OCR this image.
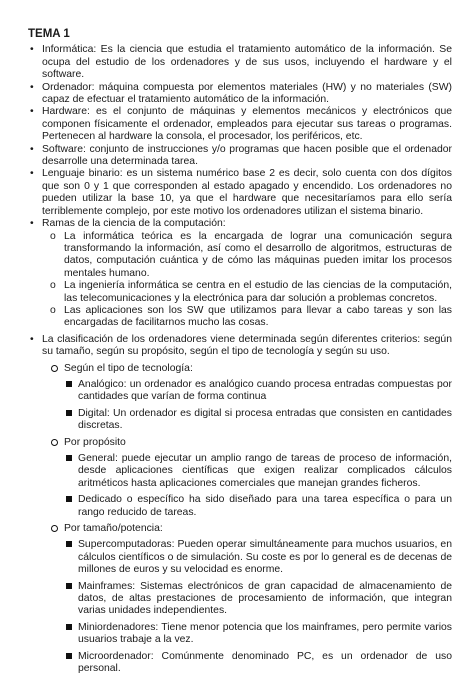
TEMA 1
• Informática: Es la ciencia que estudia el tratamiento automático de la información. Se ocupa del estudio de los ordenadores y de sus usos, incluyendo el hardware y el software.
• Ordenador: máquina compuesta por elementos materiales (HW) y no materiales (SW) capaz de efectuar el tratamiento automático de la información.
• Hardware: es el conjunto de máquinas y elementos mecánicos y electrónicos que componen físicamente el ordenador, empleados para ejecutar sus tareas o programas. Pertenecen al hardware la consola, el procesador, los periféricos, etc.
• Software: conjunto de instrucciones y/o programas que hacen posible que el ordenador desarrolle una determinada tarea.
• Lenguaje binario: es un sistema numérico base 2 es decir, solo cuenta con dos dígitos que son 0 y 1 que corresponden al estado apagado y encendido. Los ordenadores no pueden utilizar la base 10, ya que el hardware que necesitaríamos para ello sería terriblemente complejo, por este motivo los ordenadores utilizan el sistema binario.
• Ramas de la ciencia de la computación:
o La informática teórica es la encargada de lograr una comunicación segura transformando la información, así como el desarrollo de algoritmos, estructuras de datos, computación cuántica y de cómo las máquinas pueden imitar los procesos mentales humano.
o La ingeniería informática se centra en el estudio de las ciencias de la computación, las telecomunicaciones y la electrónica para dar solución a problemas concretos.
o Las aplicaciones son los SW que utilizamos para llevar a cabo tareas y son las encargadas de facilitarnos mucho las cosas.
• La clasificación de los ordenadores viene determinada según diferentes criterios: según su tamaño, según su propósito, según el tipo de tecnología y según su uso.
Según el tipo de tecnología:
Analógico: un ordenador es analógico cuando procesa entradas compuestas por cantidades que varían de forma continua
Digital: Un ordenador es digital si procesa entradas que consisten en cantidades discretas.
Por propósito
General: puede ejecutar un amplio rango de tareas de proceso de información, desde aplicaciones científicas que exigen realizar complicados cálculos aritméticos hasta aplicaciones comerciales que manejan grandes ficheros.
Dedicado o específico ha sido diseñado para una tarea específica o para un rango reducido de tareas.
Por tamaño/potencia:
Supercomputadoras: Pueden operar simultáneamente para muchos usuarios, en cálculos científicos o de simulación. Su coste es por lo general es de decenas de millones de euros y su velocidad es enorme.
Mainframes: Sistemas electrónicos de gran capacidad de almacenamiento de datos, de altas prestaciones de procesamiento de información, que integran varias unidades independientes.
Miniordenadores: Tiene menor potencia que los mainframes, pero permite varios usuarios trabaje a la vez.
Microordenador: Comúnmente denominado PC, es un ordenador de uso personal.
